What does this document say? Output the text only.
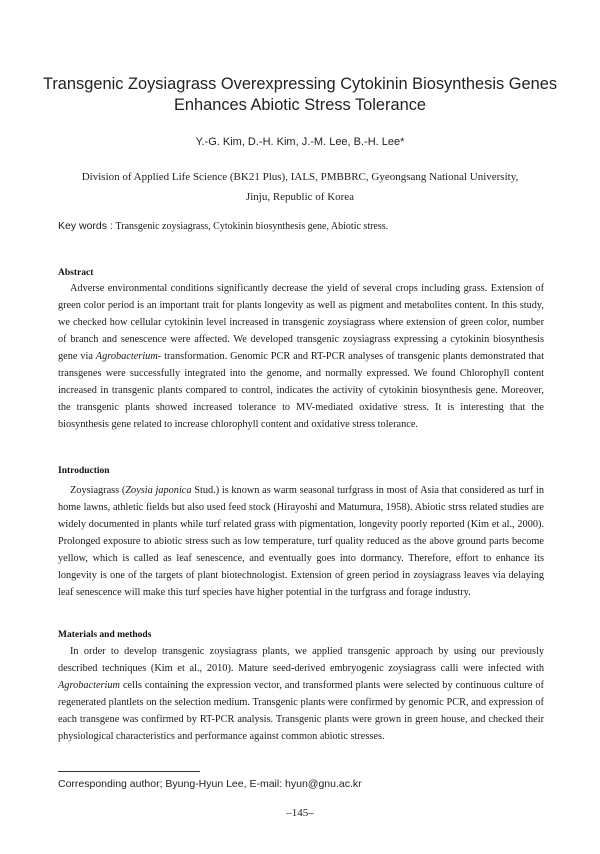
Transgenic Zoysiagrass Overexpressing Cytokinin Biosynthesis Genes
Enhances Abiotic Stress Tolerance
Y.-G. Kim, D.-H. Kim, J.-M. Lee, B.-H. Lee*
Division of Applied Life Science (BK21 Plus), IALS, PMBBRC, Gyeongsang National University,
Jinju, Republic of Korea
Key words : Transgenic zoysiagrass, Cytokinin biosynthesis gene, Abiotic stress.
Abstract

Adverse environmental conditions significantly decrease the yield of several crops including grass. Extension of green color period is an important trait for plants longevity as well as pigment and metabolites content. In this study, we checked how cellular cytokinin level increased in transgenic zoysiagrass where extension of green color, number of branch and senescence were affected. We developed transgenic zoysiagrass expressing a cytokinin biosynthesis gene via Agrobacterium- transformation. Genomic PCR and RT-PCR analyses of transgenic plants demonstrated that transgenes were successfully integrated into the genome, and normally expressed. We found Chlorophyll content increased in transgenic plants compared to control, indicates the activity of cytokinin biosynthesis gene. Moreover, the transgenic plants showed increased tolerance to MV-mediated oxidative stress. It is interesting that the biosynthesis gene related to increase chlorophyll content and oxidative stress tolerance.

Introduction

Zoysiagrass (Zoysia japonica Stud.) is known as warm seasonal turfgrass in most of Asia that considered as turf in home lawns, athletic fields but also used feed stock (Hirayoshi and Matumura, 1958). Abiotic strss related studies are widely documented in plants while turf related grass with pigmentation, longevity poorly reported (Kim et al., 2000). Prolonged exposure to abiotic stress such as low temperature, turf quality reduced as the above ground parts become yellow, which is called as leaf senescence, and eventually goes into dormancy. Therefore, effort to enhance its longevity is one of the targets of plant biotechnologist. Extension of green period in zoysiagrass leaves via delaying leaf senescence will make this turf species have higher potential in the turfgrass and forage industry.

Materials and methods

In order to develop transgenic zoysiagrass plants, we applied transgenic approach by using our previously described techniques (Kim et al., 2010). Mature seed-derived embryogenic zoysiagrass calli were infected with Agrobacterium cells containing the expression vector, and transformed plants were selected by continuous culture of regenerated plantlets on the selection medium. Transgenic plants were confirmed by genomic PCR, and expression of each transgene was confirmed by RT-PCR analysis. Transgenic plants were grown in green house, and checked their physiological characteristics and performance against common abiotic stresses.

Corresponding author; Byung-Hyun Lee, E-mail: hyun@gnu.ac.kr
–145–
